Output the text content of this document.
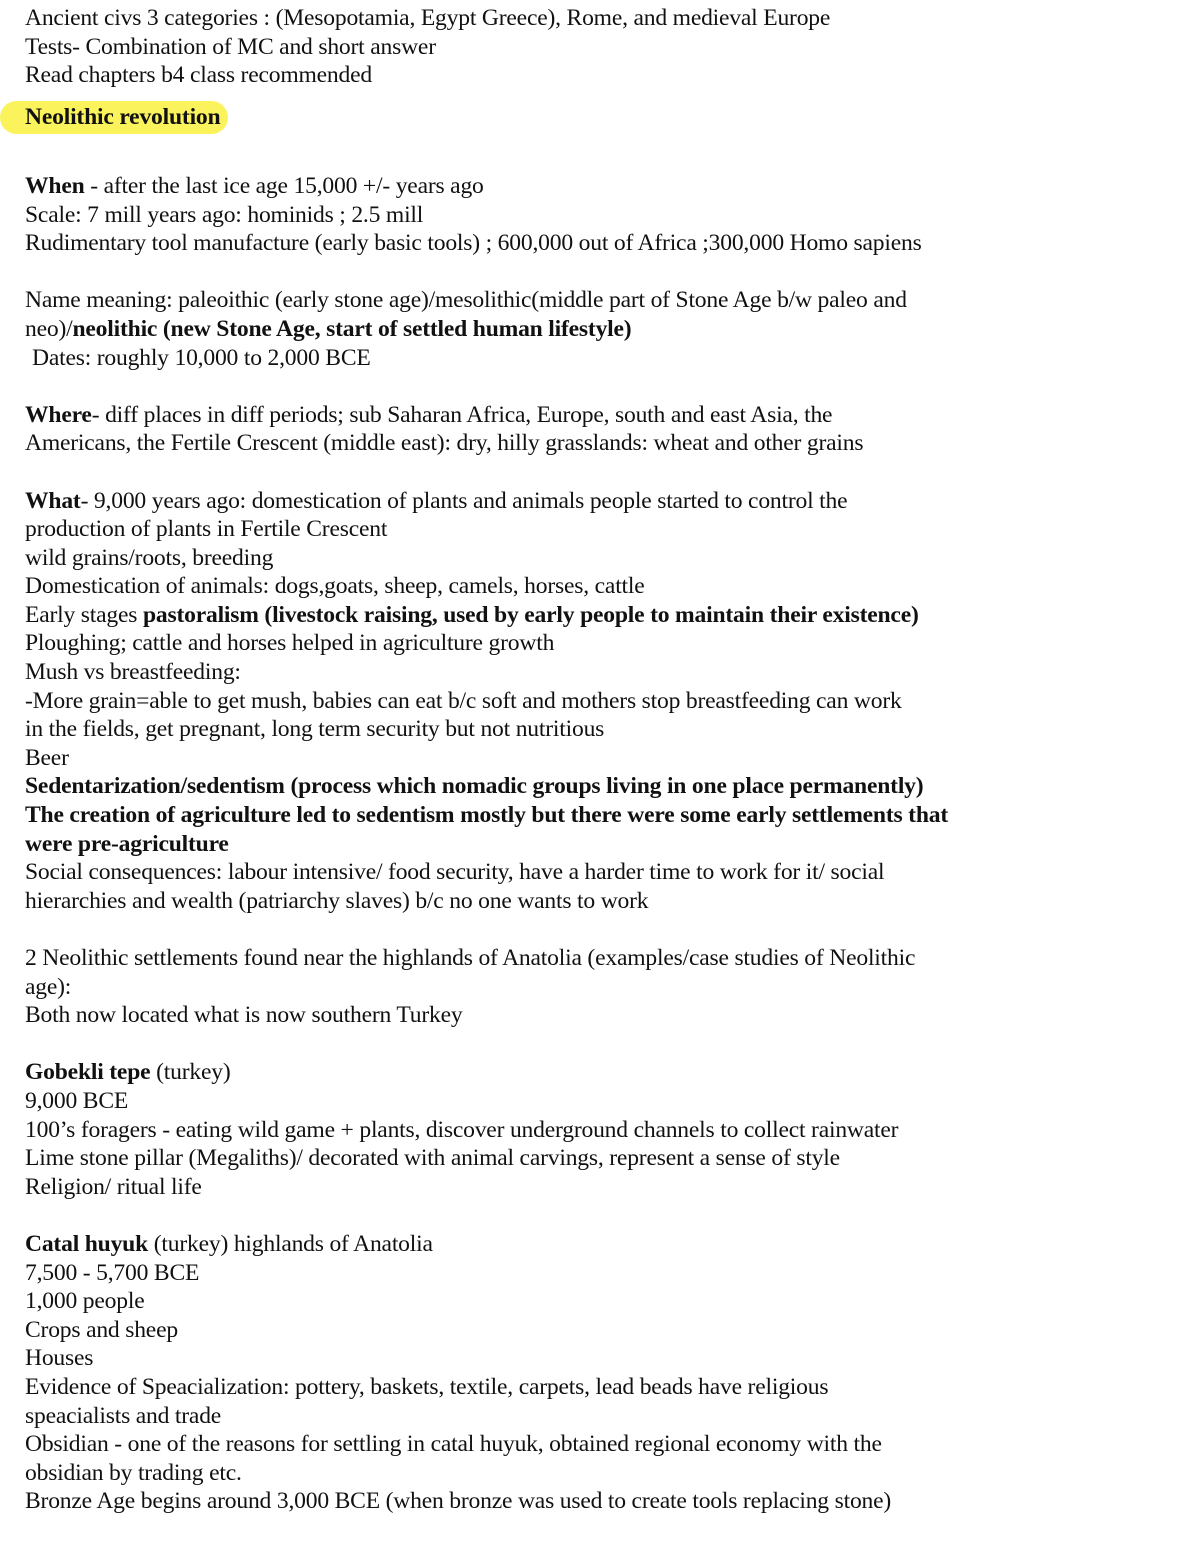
Ancient civs 3 categories : (Mesopotamia, Egypt Greece), Rome, and medieval Europe
Tests- Combination of MC and short answer
Read chapters b4 class recommended
Neolithic revolution
When - after the last ice age 15,000 +/- years ago
Scale: 7 mill years ago: hominids ; 2.5 mill
Rudimentary tool manufacture (early basic tools) ; 600,000 out of Africa ;300,000 Homo sapiens
Name meaning: paleoithic (early stone age)/mesolithic(middle part of Stone Age b/w paleo and
neo)/neolithic (new Stone Age, start of settled human lifestyle)
Dates: roughly 10,000 to 2,000 BCE
Where- diff places in diff periods; sub Saharan Africa, Europe, south and east Asia, the
Americans, the Fertile Crescent (middle east): dry, hilly grasslands: wheat and other grains
What- 9,000 years ago: domestication of plants and animals people started to control the
production of plants in Fertile Crescent
wild grains/roots, breeding
Domestication of animals: dogs,goats, sheep, camels, horses, cattle
Early stages pastoralism (livestock raising, used by early people to maintain their existence)
Ploughing; cattle and horses helped in agriculture growth
Mush vs breastfeeding:
-More grain=able to get mush, babies can eat b/c soft and mothers stop breastfeeding can work
in the fields, get pregnant, long term security but not nutritious
Beer
Sedentarization/sedentism (process which nomadic groups living in one place permanently)
The creation of agriculture led to sedentism mostly but there were some early settlements that
were pre-agriculture
Social consequences: labour intensive/ food security, have a harder time to work for it/ social
hierarchies and wealth (patriarchy slaves) b/c no one wants to work
2 Neolithic settlements found near the highlands of Anatolia (examples/case studies of Neolithic
age):
Both now located what is now southern Turkey
Gobekli tepe (turkey)
9,000 BCE
100’s foragers - eating wild game + plants, discover underground channels to collect rainwater
Lime stone pillar (Megaliths)/ decorated with animal carvings, represent a sense of style
Religion/ ritual life
Catal huyuk (turkey) highlands of Anatolia
7,500 - 5,700 BCE
1,000 people
Crops and sheep
Houses
Evidence of Speacialization: pottery, baskets, textile, carpets, lead beads have religious
speacialists and trade
Obsidian - one of the reasons for settling in catal huyuk, obtained regional economy with the
obsidian by trading etc.
Bronze Age begins around 3,000 BCE (when bronze was used to create tools replacing stone)
